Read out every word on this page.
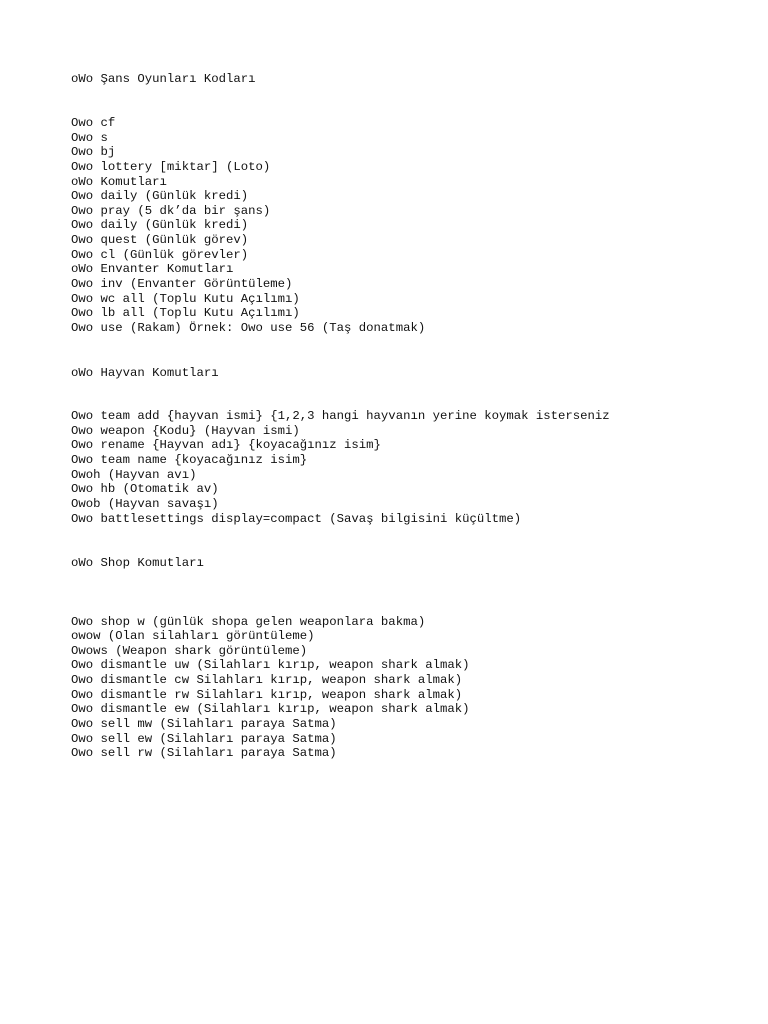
oWo Şans Oyunları Kodları

Owo cf

Owo s

Owo bj

Owo lottery [miktar] (Loto)

oWo Komutları

Owo daily (Günlük kredi)

Owo pray (5 dk’da bir şans)

Owo daily (Günlük kredi)

Owo quest (Günlük görev)

Owo cl (Günlük görevler)

oWo Envanter Komutları

Owo inv (Envanter Görüntüleme)

Owo wc all (Toplu Kutu Açılımı)

Owo lb all (Toplu Kutu Açılımı)

Owo use (Rakam) Örnek: Owo use 56 (Taş donatmak)

oWo Hayvan Komutları

Owo team add {hayvan ismi} {1,2,3 hangi hayvanın yerine koymak isterseniz

Owo weapon {Kodu} (Hayvan ismi)

Owo rename {Hayvan adı} {koyacağınız isim}

Owo team name {koyacağınız isim}

Owoh (Hayvan avı)

Owo hb (Otomatik av)

Owob (Hayvan savaşı)

Owo battlesettings display=compact (Savaş bilgisini küçültme)

oWo Shop Komutları

Owo shop w (günlük shopa gelen weaponlara bakma)

owow (Olan silahları görüntüleme)

Owows (Weapon shark görüntüleme)

Owo dismantle uw (Silahları kırıp, weapon shark almak)

Owo dismantle cw Silahları kırıp, weapon shark almak)

Owo dismantle rw Silahları kırıp, weapon shark almak)

Owo dismantle ew (Silahları kırıp, weapon shark almak)

Owo sell mw (Silahları paraya Satma)

Owo sell ew (Silahları paraya Satma)

Owo sell rw (Silahları paraya Satma)
